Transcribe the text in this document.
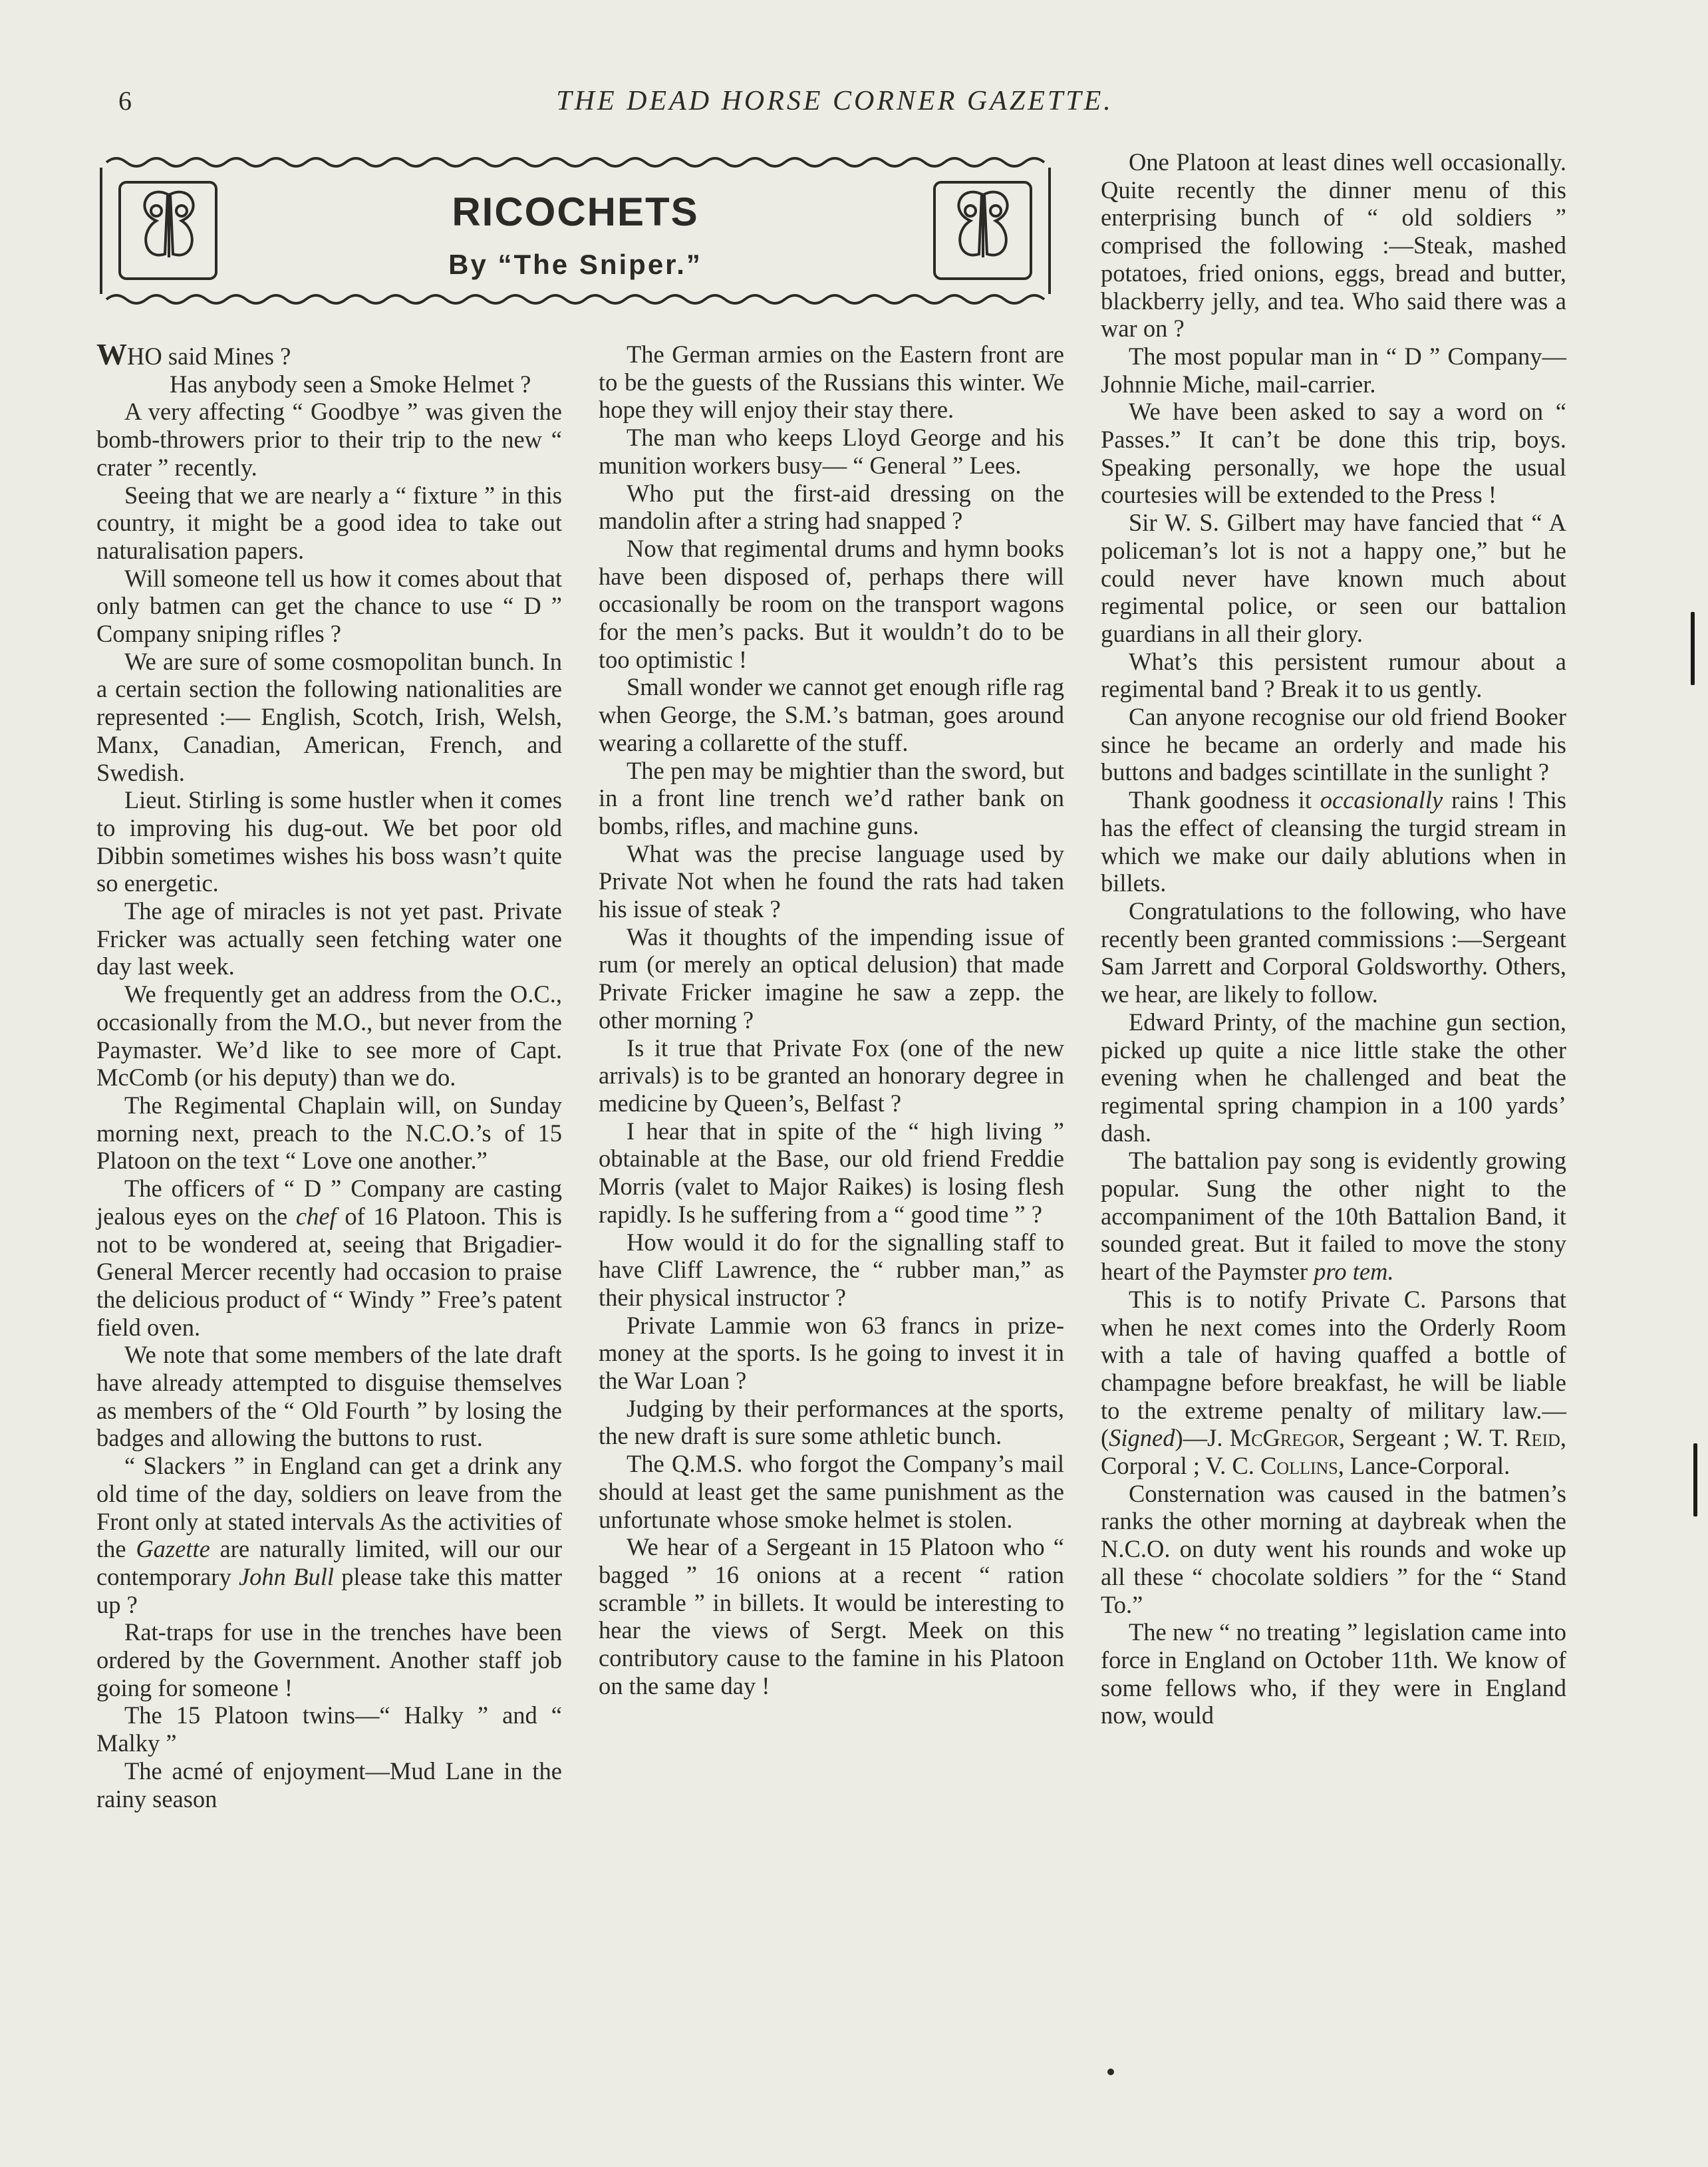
6	THE DEAD HORSE CORNER GAZETTE.
RICOCHETS
By “The Sniper.”

WHO said Mines ?

Has anybody seen a Smoke Helmet ?

A very affecting “ Goodbye ” was given the bomb-throwers prior to their trip to the new “ crater ” recently.

Seeing that we are nearly a “ fixture ” in this country, it might be a good idea to take out naturalisation papers.

Will someone tell us how it comes about that only batmen can get the chance to use “ D ” Company sniping rifles ?

We are sure of some cosmopolitan bunch. In a certain section the following nationalities are represented :— English, Scotch, Irish, Welsh, Manx, Canadian, American, French, and Swedish.

Lieut. Stirling is some hustler when it comes to improving his dug-out. We bet poor old Dibbin sometimes wishes his boss wasn’t quite so energetic.

The age of miracles is not yet past. Private Fricker was actually seen fetching water one day last week.

We frequently get an address from the O.C., occasionally from the M.O., but never from the Paymaster. We’d like to see more of Capt. McComb (or his deputy) than we do.

The Regimental Chaplain will, on Sunday morning next, preach to the N.C.O.’s of 15 Platoon on the text “ Love one another.”

The officers of “ D ” Company are casting jealous eyes on the chef of 16 Platoon. This is not to be wondered at, seeing that Brigadier-General Mercer recently had occasion to praise the delicious product of “ Windy ” Free’s patent field oven.

We note that some members of the late draft have already attempted to disguise themselves as members of the “ Old Fourth ” by losing the badges and allowing the buttons to rust.

“ Slackers ” in England can get a drink any old time of the day, soldiers on leave from the Front only at stated intervals As the activities of the Gazette are naturally limited, will our our contemporary John Bull please take this matter up ?

Rat-traps for use in the trenches have been ordered by the Government. Another staff job going for someone !

The 15 Platoon twins—“ Halky ” and “ Malky ”

The acmé of enjoyment—Mud Lane in the rainy season

The German armies on the Eastern front are to be the guests of the Russians this winter. We hope they will enjoy their stay there.

The man who keeps Lloyd George and his munition workers busy— “ General ” Lees.

Who put the first-aid dressing on the mandolin after a string had snapped ?

Now that regimental drums and hymn books have been disposed of, perhaps there will occasionally be room on the transport wagons for the men’s packs. But it wouldn’t do to be too optimistic !

Small wonder we cannot get enough rifle rag when George, the S.M.’s batman, goes around wearing a collarette of the stuff.

The pen may be mightier than the sword, but in a front line trench we’d rather bank on bombs, rifles, and machine guns.

What was the precise language used by Private Not when he found the rats had taken his issue of steak ?

Was it thoughts of the impending issue of rum (or merely an optical delusion) that made Private Fricker imagine he saw a zepp. the other morning ?

Is it true that Private Fox (one of the new arrivals) is to be granted an honorary degree in medicine by Queen’s, Belfast ?

I hear that in spite of the “ high living ” obtainable at the Base, our old friend Freddie Morris (valet to Major Raikes) is losing flesh rapidly. Is he suffering from a “ good time ” ?

How would it do for the signalling staff to have Cliff Lawrence, the “ rubber man,” as their physical instructor ?

Private Lammie won 63 francs in prize-money at the sports. Is he going to invest it in the War Loan ?

Judging by their performances at the sports, the new draft is sure some athletic bunch.

The Q.M.S. who forgot the Company’s mail should at least get the same punishment as the unfortunate whose smoke helmet is stolen.

We hear of a Sergeant in 15 Platoon who “ bagged ” 16 onions at a recent “ ration scramble ” in billets. It would be interesting to hear the views of Sergt. Meek on this contributory cause to the famine in his Platoon on the same day !

One Platoon at least dines well occasionally. Quite recently the dinner menu of this enterprising bunch of “ old soldiers ” comprised the following :—Steak, mashed potatoes, fried onions, eggs, bread and butter, blackberry jelly, and tea. Who said there was a war on ?

The most popular man in “ D ” Company—Johnnie Miche, mail-carrier.

We have been asked to say a word on “ Passes.” It can’t be done this trip, boys. Speaking personally, we hope the usual courtesies will be extended to the Press !

Sir W. S. Gilbert may have fancied that “ A policeman’s lot is not a happy one,” but he could never have known much about regimental police, or seen our battalion guardians in all their glory.

What’s this persistent rumour about a regimental band ? Break it to us gently.

Can anyone recognise our old friend Booker since he became an orderly and made his buttons and badges scintillate in the sunlight ?

Thank goodness it occasionally rains ! This has the effect of cleansing the turgid stream in which we make our daily ablutions when in billets.

Congratulations to the following, who have recently been granted commissions :—Sergeant Sam Jarrett and Corporal Goldsworthy. Others, we hear, are likely to follow.

Edward Printy, of the machine gun section, picked up quite a nice little stake the other evening when he challenged and beat the regimental spring champion in a 100 yards’ dash.

The battalion pay song is evidently growing popular. Sung the other night to the accompaniment of the 10th Battalion Band, it sounded great. But it failed to move the stony heart of the Paymster pro tem.

This is to notify Private C. Parsons that when he next comes into the Orderly Room with a tale of having quaffed a bottle of champagne before breakfast, he will be liable to the extreme penalty of military law.— (Signed)—J. McGregor, Sergeant ; W. T. Reid, Corporal ; V. C. Collins, Lance-Corporal.

Consternation was caused in the batmen’s ranks the other morning at daybreak when the N.C.O. on duty went his rounds and woke up all these “ chocolate soldiers ” for the “ Stand To.”

The new “ no treating ” legislation came into force in England on October 11th. We know of some fellows who, if they were in England now, would
